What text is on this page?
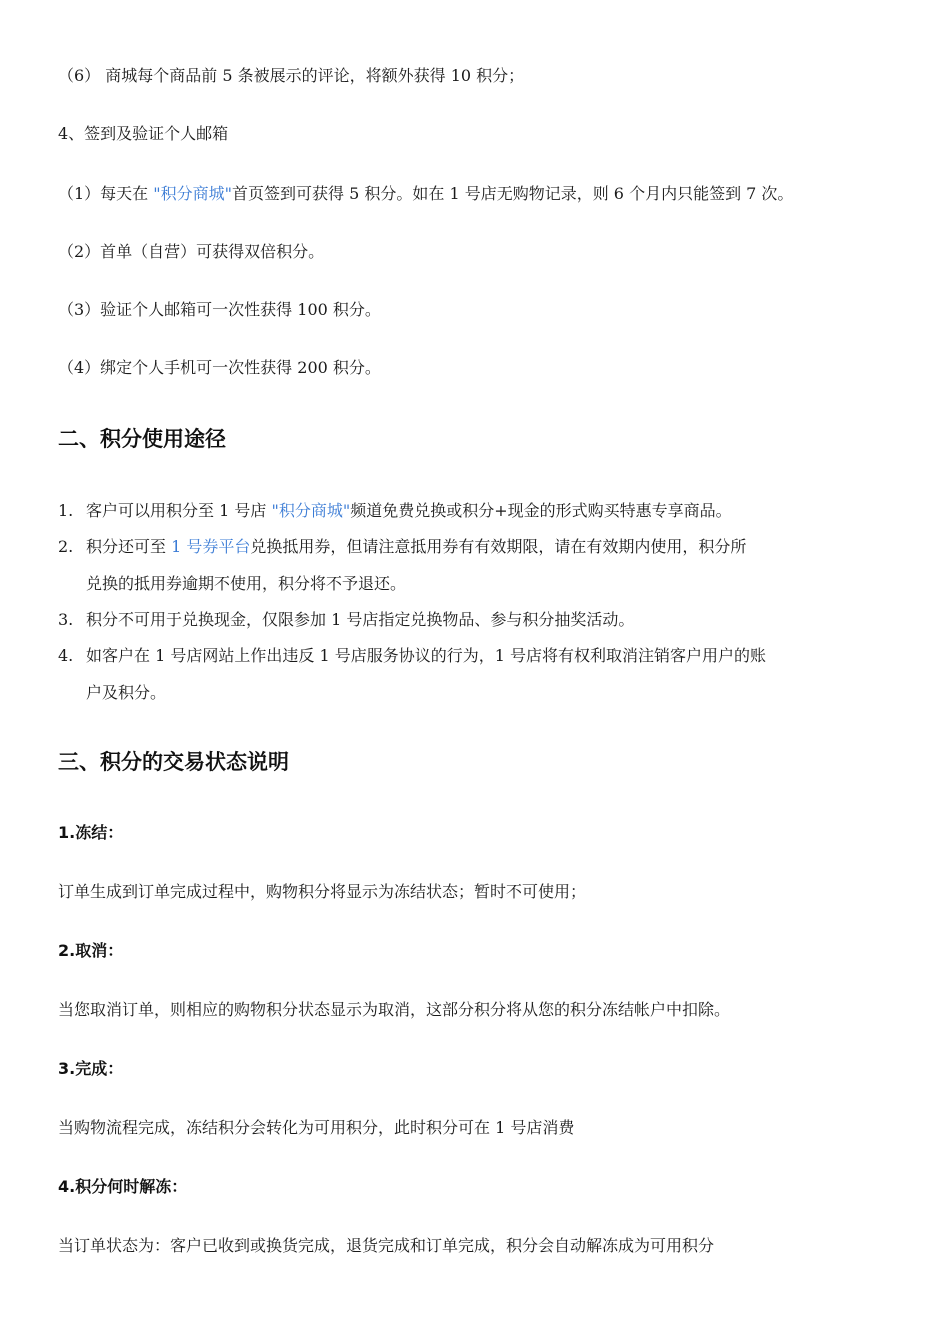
（6） 商城每个商品前 5 条被展示的评论，将额外获得 10 积分；
4、签到及验证个人邮箱
（1）每天在 "积分商城"首页签到可获得 5 积分。如在 1 号店无购物记录，则 6 个月内只能签到 7 次。
（2）首单（自营）可获得双倍积分。
（3）验证个人邮箱可一次性获得 100 积分。
（4）绑定个人手机可一次性获得 200 积分。
二、积分使用途径
1. 客户可以用积分至 1 号店 "积分商城"频道免费兑换或积分+现金的形式购买特惠专享商品。
2. 积分还可至 1 号券平台兑换抵用券，但请注意抵用券有有效期限，请在有效期内使用，积分所
兑换的抵用券逾期不使用，积分将不予退还。
3. 积分不可用于兑换现金，仅限参加 1 号店指定兑换物品、参与积分抽奖活动。
4. 如客户在 1 号店网站上作出违反 1 号店服务协议的行为，1 号店将有权利取消注销客户用户的账
户及积分。
三、积分的交易状态说明
1.冻结：
订单生成到订单完成过程中，购物积分将显示为冻结状态；暂时不可使用；
2.取消：
当您取消订单，则相应的购物积分状态显示为取消，这部分积分将从您的积分冻结帐户中扣除。
3.完成：
当购物流程完成，冻结积分会转化为可用积分，此时积分可在 1 号店消费
4.积分何时解冻：
当订单状态为：客户已收到或换货完成，退货完成和订单完成，积分会自动解冻成为可用积分
